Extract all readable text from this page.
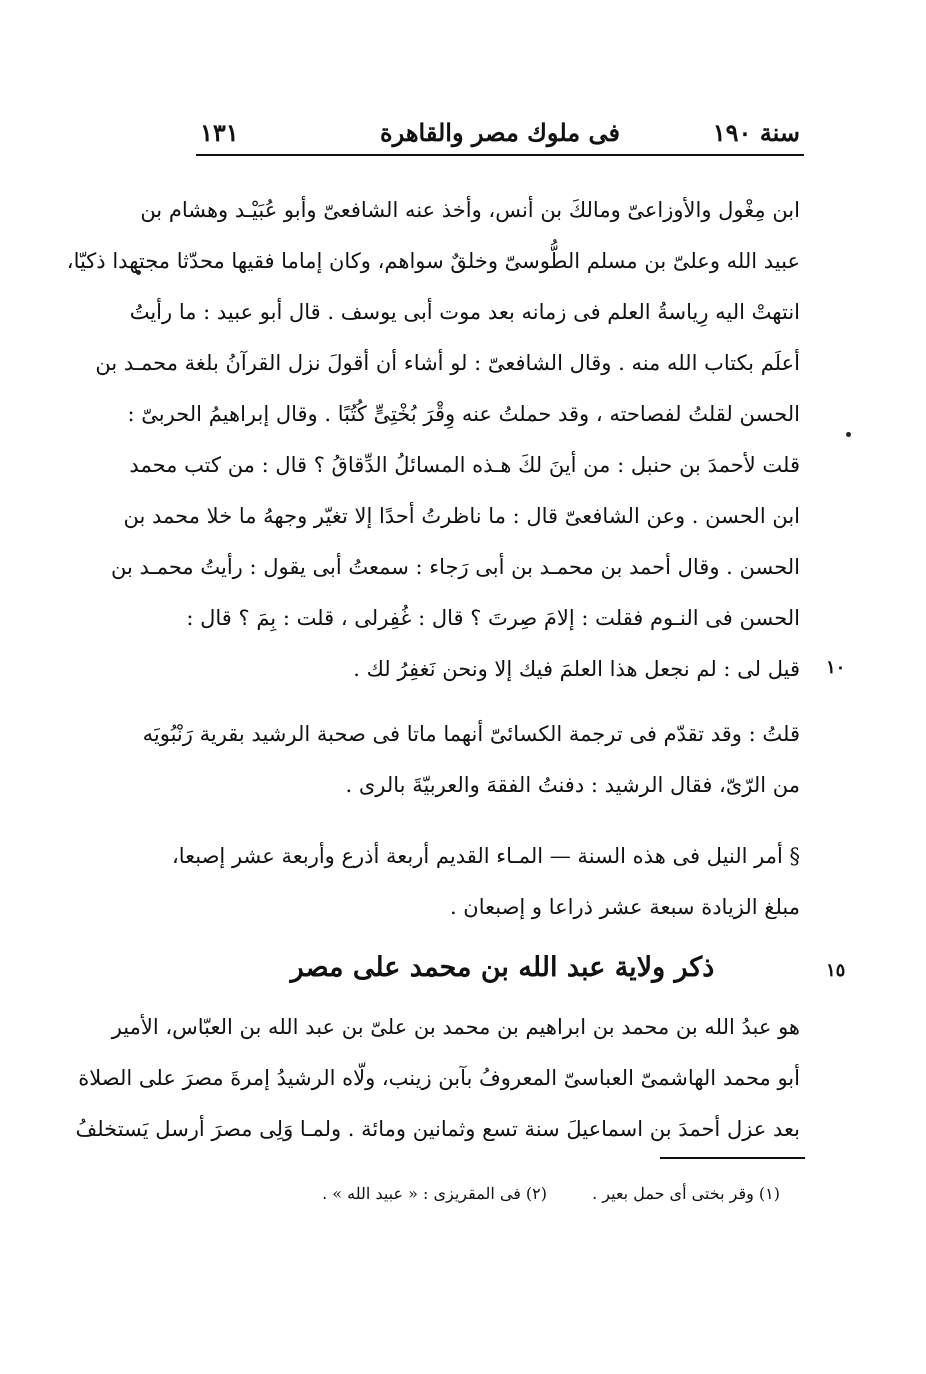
سنة ١٩٠
فى ملوك مصر والقاهرة
١٣١
ابن مِغْول والأوزاعىّ ومالكَ بن أنس، وأخذ عنه الشافعىّ وأبو عُبَيْـد وهشام بن
عبيد الله وعلىّ بن مسلم الطُّوسىّ وخلقٌ سواهم، وكان إماما فقيها محدّثا مجتهدا ذكيّا،
انتهتْ اليه رِياسةُ العلم فى زمانه بعد موت أبى يوسف . قال أبو عبيد : ما رأيتُ
أعلَم بكتاب الله منه . وقال الشافعىّ : لو أشاء أن أقولَ نزل القرآنُ بلغة محمـد بن
الحسن لقلتُ لفصاحته ، وقد حملتُ عنه وِقْرَ بُخْتِىٍّ كُتُبًا . وقال إبراهيمُ الحربىّ :
قلت لأحمدَ بن حنبل : من أينَ لكَ هـذه المسائلُ الدِّقاقُ ؟ قال : من كتب محمد
ابن الحسن . وعن الشافعىّ قال : ما ناظرتُ أحدًا إلا تغيّر وجههُ ما خلا محمد بن
الحسن . وقال أحمد بن محمـد بن أبى رَجاء : سمعتُ أبى يقول : رأيتُ محمـد بن
الحسن فى النـوم فقلت : إلامَ صِرتَ ؟ قال : غُفِرلى ، قلت : بِمَ ؟ قال :
قيل لى : لم نجعل هذا العلمَ فيك إلا ونحن نَغفِرُ لك . ١٠
قلتُ : وقد تقدّم فى ترجمة الكسائىّ أنهما ماتا فى صحبة الرشيد بقرية رَنْبُويَه
من الرّىّ، فقال الرشيد : دفنتُ الفقهَ والعربيّةَ بالرى .
§ أمر النيل فى هذه السنة — المـاء القديم أربعة أذرع وأربعة عشر إصبعا،
مبلغ الزيادة سبعة عشر ذراعا و إصبعان .
ذكر ولاية عبد الله بن محمد على مصر	١٥
هو عبدُ الله بن محمد بن ابراهيم بن محمد بن علىّ بن عبد الله بن العبّاس، الأمير
أبو محمد الهاشمىّ العباسىّ المعروفُ بآبن زينب، ولّاه الرشيدُ إمرةَ مصرَ على الصلاة
بعد عزل أحمدَ بن اسماعيلَ سنة تسع وثمانين ومائة . ولمـا وَلِى مصرَ أرسل يَستخلفُ
(١) وقر بختى أى حمل بعير . (٢) فى المقريزى : « عبيد الله » .
